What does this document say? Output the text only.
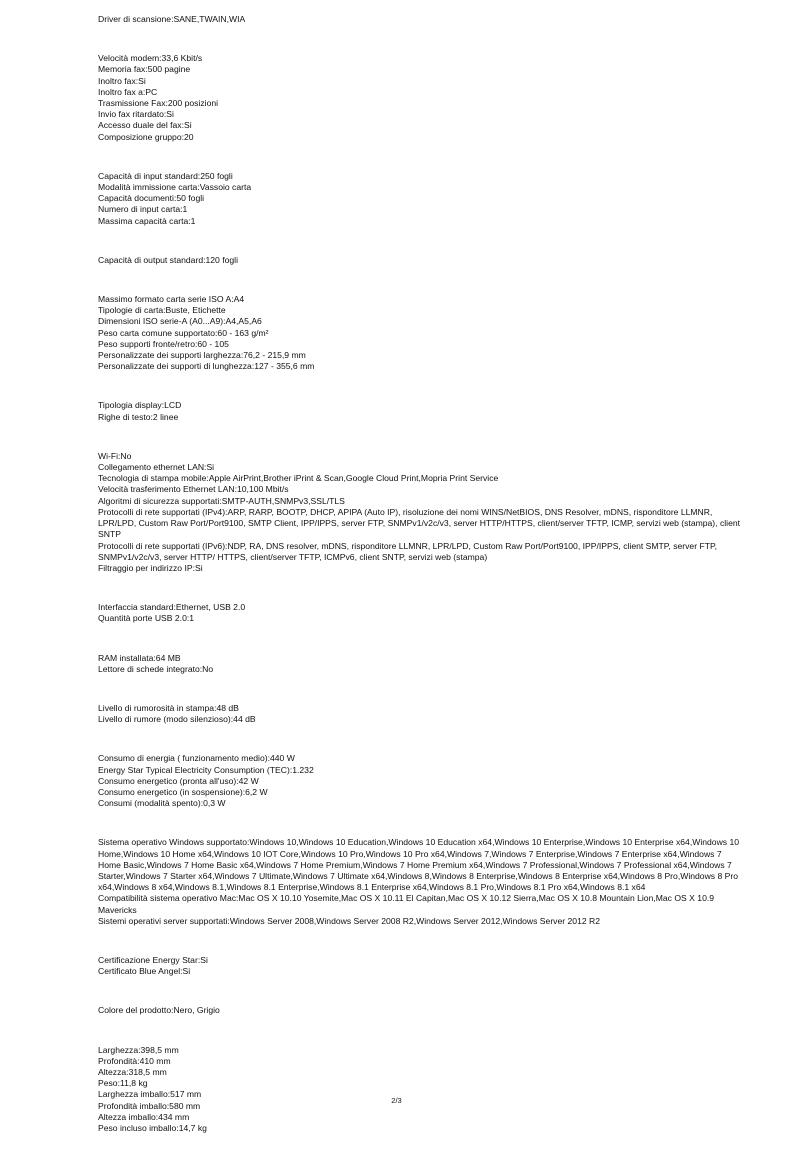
Driver di scansione:SANE,TWAIN,WIA
Velocità modem:33,6 Kbit/s
Memoria fax:500 pagine
Inoltro fax:Si
Inoltro fax a:PC
Trasmissione Fax:200 posizioni
Invio fax ritardato:Si
Accesso duale del fax:Si
Composizione gruppo:20
Capacità di input standard:250 fogli
Modalità immissione carta:Vassoio carta
Capacità documenti:50 fogli
Numero di input carta:1
Massima capacità carta:1
Capacità di output standard:120 fogli
Massimo formato carta serie ISO A:A4
Tipologie di carta:Buste, Etichette
Dimensioni ISO serie-A (A0...A9):A4,A5,A6
Peso carta comune supportato:60 - 163 g/m²
Peso supporti fronte/retro:60 - 105
Personalizzate dei supporti larghezza:76,2 - 215,9 mm
Personalizzate dei supporti di lunghezza:127 - 355,6 mm
Tipologia display:LCD
Righe di testo:2 linee
Wi-Fi:No
Collegamento ethernet LAN:Si
Tecnologia di stampa mobile:Apple AirPrint,Brother iPrint & Scan,Google Cloud Print,Mopria Print Service
Velocità trasferimento Ethernet LAN:10,100 Mbit/s
Algoritmi di sicurezza supportati:SMTP-AUTH,SNMPv3,SSL/TLS
Protocolli di rete supportati (IPv4):ARP, RARP, BOOTP, DHCP, APIPA (Auto IP), risoluzione dei nomi WINS/NetBIOS, DNS Resolver, mDNS, risponditore LLMNR, LPR/LPD, Custom Raw Port/Port9100, SMTP Client, IPP/IPPS, server FTP, SNMPv1/v2c/v3, server HTTP/HTTPS, client/server TFTP, ICMP, servizi web (stampa), client SNTP
Protocolli di rete supportati (IPv6):NDP, RA, DNS resolver, mDNS, risponditore LLMNR, LPR/LPD, Custom Raw Port/Port9100, IPP/IPPS, client SMTP, server FTP, SNMPv1/v2c/v3, server HTTP/ HTTPS, client/server TFTP, ICMPv6, client SNTP, servizi web (stampa)
Filtraggio per indirizzo IP:Si
Interfaccia standard:Ethernet, USB 2.0
Quantità porte USB 2.0:1
RAM installata:64 MB
Lettore di schede integrato:No
Livello di rumorosità in stampa:48 dB
Livello di rumore (modo silenzioso):44 dB
Consumo di energia ( funzionamento medio):440 W
Energy Star Typical Electricity Consumption (TEC):1.232
Consumo energetico (pronta all'uso):42 W
Consumo energetico (in sospensione):6,2 W
Consumi (modalità spento):0,3 W
Sistema operativo Windows supportato:Windows 10,Windows 10 Education,Windows 10 Education x64,Windows 10 Enterprise,Windows 10 Enterprise x64,Windows 10 Home,Windows 10 Home x64,Windows 10 IOT Core,Windows 10 Pro,Windows 10 Pro x64,Windows 7,Windows 7 Enterprise,Windows 7 Enterprise x64,Windows 7 Home Basic,Windows 7 Home Basic x64,Windows 7 Home Premium,Windows 7 Home Premium x64,Windows 7 Professional,Windows 7 Professional x64,Windows 7 Starter,Windows 7 Starter x64,Windows 7 Ultimate,Windows 7 Ultimate x64,Windows 8,Windows 8 Enterprise,Windows 8 Enterprise x64,Windows 8 Pro,Windows 8 Pro x64,Windows 8 x64,Windows 8.1,Windows 8.1 Enterprise,Windows 8.1 Enterprise x64,Windows 8.1 Pro,Windows 8.1 Pro x64,Windows 8.1 x64
Compatibilità sistema operativo Mac:Mac OS X 10.10 Yosemite,Mac OS X 10.11 El Capitan,Mac OS X 10.12 Sierra,Mac OS X 10.8 Mountain Lion,Mac OS X 10.9 Mavericks
Sistemi operativi server supportati:Windows Server 2008,Windows Server 2008 R2,Windows Server 2012,Windows Server 2012 R2
Certificazione Energy Star:Si
Certificato Blue Angel:Si
Colore del prodotto:Nero, Grigio
Larghezza:398,5 mm
Profondità:410 mm
Altezza:318,5 mm
Peso:11,8 kg
Larghezza imballo:517 mm
Profondità imballo:580 mm
Altezza imballo:434 mm
Peso incluso imballo:14,7 kg
2/3
